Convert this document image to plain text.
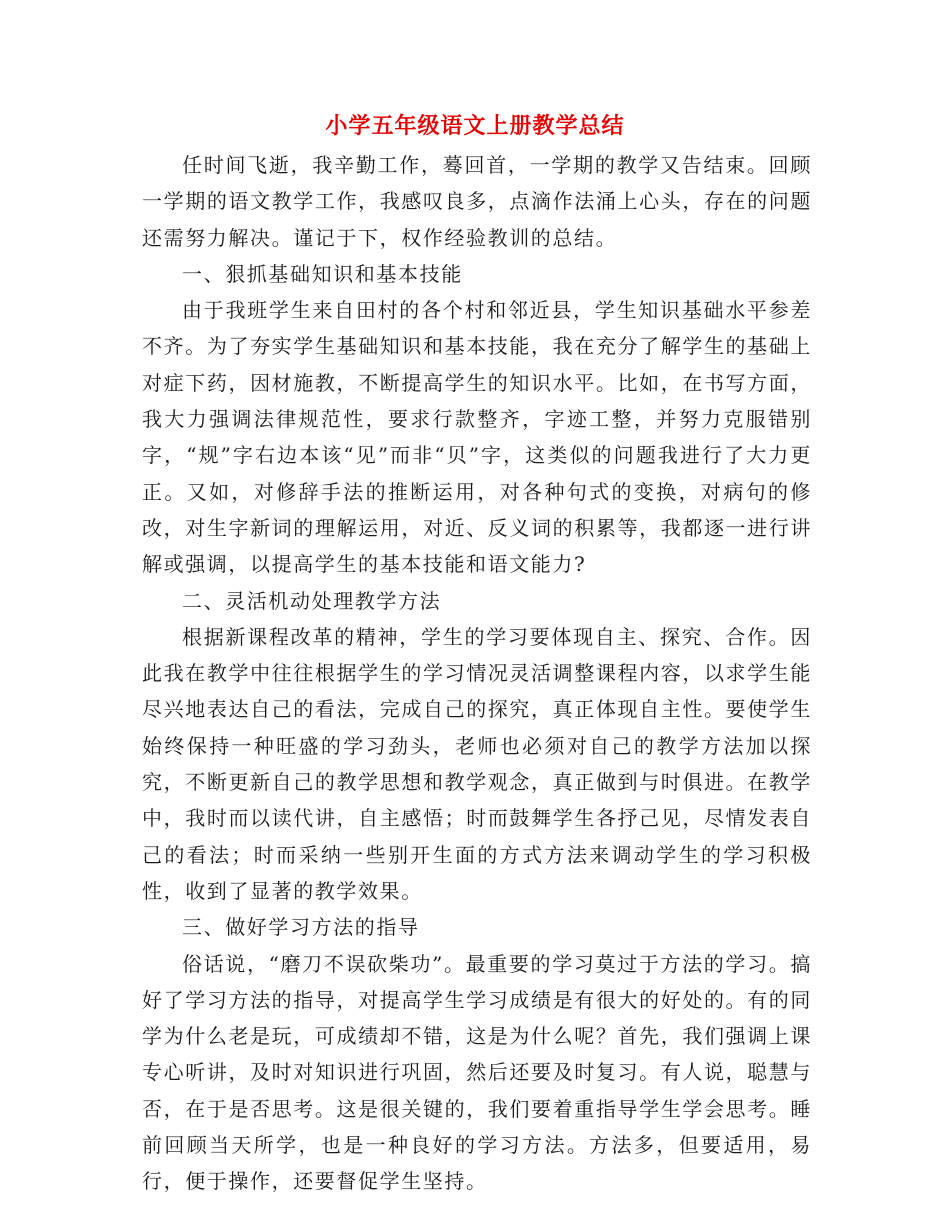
小学五年级语文上册教学总结

任时间飞逝，我辛勤工作，蓦回首，一学期的教学又告结束。回顾一学期的语文教学工作，我感叹良多，点滴作法涌上心头，存在的问题还需努力解决。谨记于下，权作经验教训的总结。

一、狠抓基础知识和基本技能

由于我班学生来自田村的各个村和邻近县，学生知识基础水平参差不齐。为了夯实学生基础知识和基本技能，我在充分了解学生的基础上对症下药，因材施教，不断提高学生的知识水平。比如，在书写方面，我大力强调法律规范性，要求行款整齐，字迹工整，并努力克服错别字，“规”字右边本该“见”而非“贝”字，这类似的问题我进行了大力更正。又如，对修辞手法的推断运用，对各种句式的变换，对病句的修改，对生字新词的理解运用，对近、反义词的积累等，我都逐一进行讲解或强调，以提高学生的基本技能和语文能力?

二、灵活机动处理教学方法

根据新课程改革的精神，学生的学习要体现自主、探究、合作。因此我在教学中往往根据学生的学习情况灵活调整课程内容，以求学生能尽兴地表达自己的看法，完成自己的探究，真正体现自主性。要使学生始终保持一种旺盛的学习劲头，老师也必须对自己的教学方法加以探究，不断更新自己的教学思想和教学观念，真正做到与时俱进。在教学中，我时而以读代讲，自主感悟；时而鼓舞学生各抒己见，尽情发表自己的看法；时而采纳一些别开生面的方式方法来调动学生的学习积极性，收到了显著的教学效果。

三、做好学习方法的指导

俗话说，“磨刀不误砍柴功”。最重要的学习莫过于方法的学习。搞好了学习方法的指导，对提高学生学习成绩是有很大的好处的。有的同学为什么老是玩，可成绩却不错，这是为什么呢？首先，我们强调上课专心听讲，及时对知识进行巩固，然后还要及时复习。有人说，聪慧与否，在于是否思考。这是很关键的，我们要着重指导学生学会思考。睡前回顾当天所学，也是一种良好的学习方法。方法多，但要适用，易行，便于操作，还要督促学生坚持。
